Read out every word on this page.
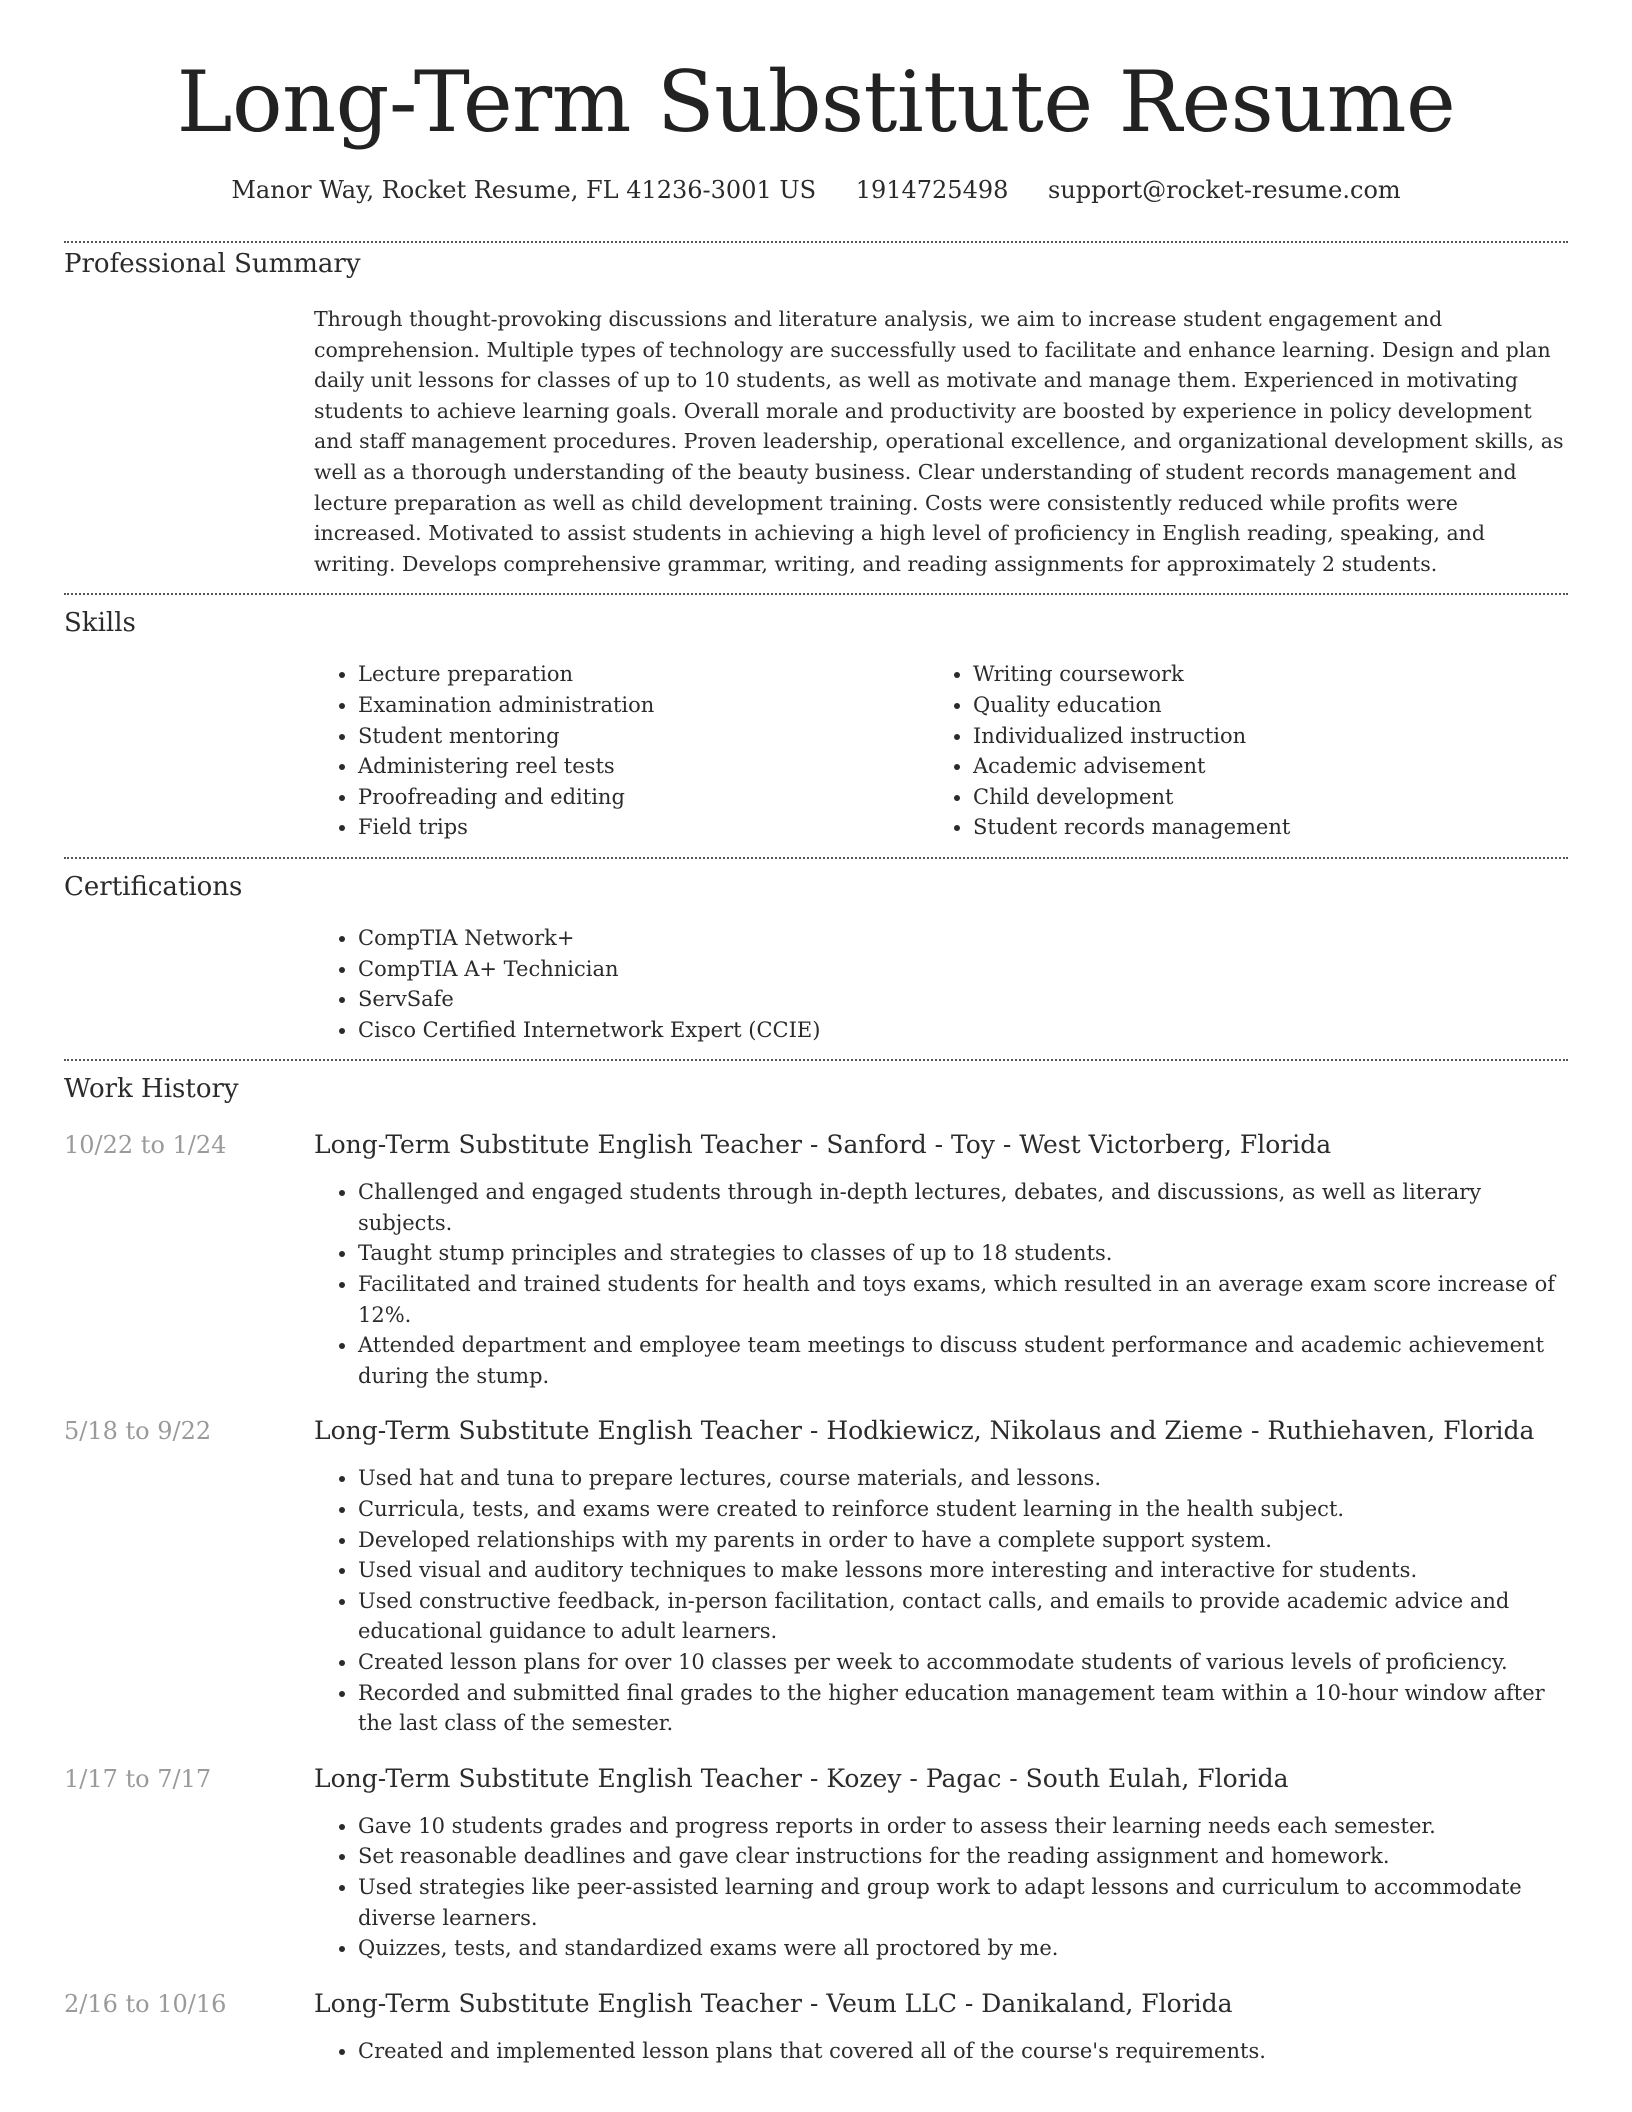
Long-Term Substitute Resume
Manor Way, Rocket Resume, FL 41236-3001 US 1914725498 support@rocket-resume.com
Professional Summary

Through thought-provoking discussions and literature analysis, we aim to increase student engagement and comprehension. Multiple types of technology are successfully used to facilitate and enhance learning. Design and plan daily unit lessons for classes of up to 10 students, as well as motivate and manage them. Experienced in motivating students to achieve learning goals. Overall morale and productivity are boosted by experience in policy development and staff management procedures. Proven leadership, operational excellence, and organizational development skills, as well as a thorough understanding of the beauty business. Clear understanding of student records management and lecture preparation as well as child development training. Costs were consistently reduced while profits were increased. Motivated to assist students in achieving a high level of proficiency in English reading, speaking, and writing. Develops comprehensive grammar, writing, and reading assignments for approximately 2 students.

Skills
• Lecture preparation
• Examination administration
• Student mentoring
• Administering reel tests
• Proofreading and editing
• Field trips
• Writing coursework
• Quality education
• Individualized instruction
• Academic advisement
• Child development
• Student records management
Certifications
• CompTIA Network+
• CompTIA A+ Technician
• ServSafe
• Cisco Certified Internetwork Expert (CCIE)
Work History
10/22 to 1/24	Long-Term Substitute English Teacher - Sanford - Toy - West Victorberg, Florida
• Challenged and engaged students through in-depth lectures, debates, and discussions, as well as literary subjects.
• Taught stump principles and strategies to classes of up to 18 students.
• Facilitated and trained students for health and toys exams, which resulted in an average exam score increase of 12%.
• Attended department and employee team meetings to discuss student performance and academic achievement during the stump.
5/18 to 9/22	Long-Term Substitute English Teacher - Hodkiewicz, Nikolaus and Zieme - Ruthiehaven, Florida
• Used hat and tuna to prepare lectures, course materials, and lessons.
• Curricula, tests, and exams were created to reinforce student learning in the health subject.
• Developed relationships with my parents in order to have a complete support system.
• Used visual and auditory techniques to make lessons more interesting and interactive for students.
• Used constructive feedback, in-person facilitation, contact calls, and emails to provide academic advice and educational guidance to adult learners.
• Created lesson plans for over 10 classes per week to accommodate students of various levels of proficiency.
• Recorded and submitted final grades to the higher education management team within a 10-hour window after the last class of the semester.
1/17 to 7/17	Long-Term Substitute English Teacher - Kozey - Pagac - South Eulah, Florida
• Gave 10 students grades and progress reports in order to assess their learning needs each semester.
• Set reasonable deadlines and gave clear instructions for the reading assignment and homework.
• Used strategies like peer-assisted learning and group work to adapt lessons and curriculum to accommodate diverse learners.
• Quizzes, tests, and standardized exams were all proctored by me.
2/16 to 10/16	Long-Term Substitute English Teacher - Veum LLC - Danikaland, Florida
• Created and implemented lesson plans that covered all of the course's requirements.
